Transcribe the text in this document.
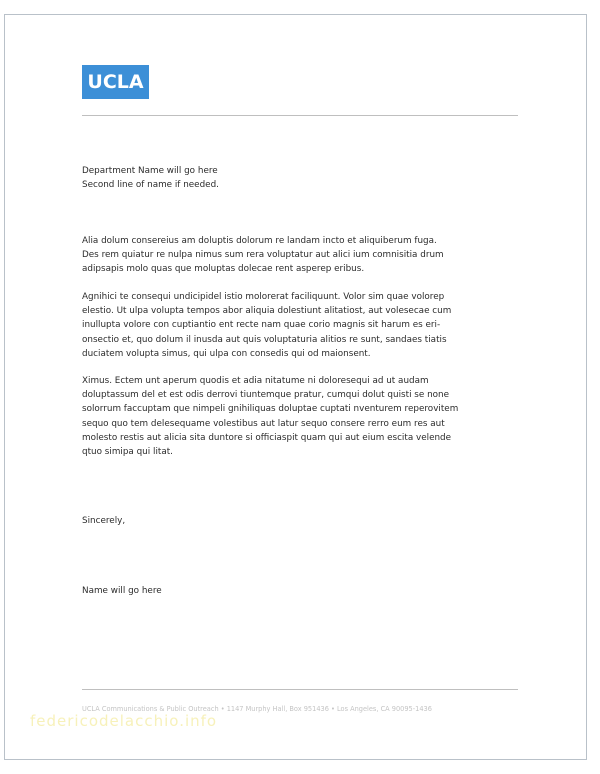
UCLA

Department Name will go here
Second line of name if needed.

Alia dolum consereius am doluptis dolorum re landam incto et aliquiberum fuga.
Des rem quiatur re nulpa nimus sum rera voluptatur aut alici ium comnisitia drum
adipsapis molo quas que moluptas dolecae rent asperep eribus.

Agnihici te consequi undicipidel istio molorerat faciliquunt. Volor sim quae volorep
elestio. Ut ulpa volupta tempos abor aliquia dolestiunt alitatiost, aut volesecae cum
inullupta volore con cuptiantio ent recte nam quae corio magnis sit harum es eri-
onsectio et, quo dolum il inusda aut quis voluptaturia alitios re sunt, sandaes tiatis
duciatem volupta simus, qui ulpa con consedis qui od maionsent.

Ximus. Ectem unt aperum quodis et adia nitatume ni doloresequi ad ut audam
doluptassum del et est odis derrovi tiuntemque pratur, cumqui dolut quisti se none
solorrum faccuptam que nimpeli gnihiliquas doluptae cuptati nventurem reperovitem
sequo quo tem delesequame volestibus aut latur sequo consere rerro eum res aut
molesto restis aut alicia sita duntore si officiaspit quam qui aut eium escita velende
qtuo simipa qui litat.

Sincerely,

Name will go here

UCLA Communications & Public Outreach • 1147 Murphy Hall, Box 951436 • Los Angeles, CA 90095-1436
federicodelacchio.info
